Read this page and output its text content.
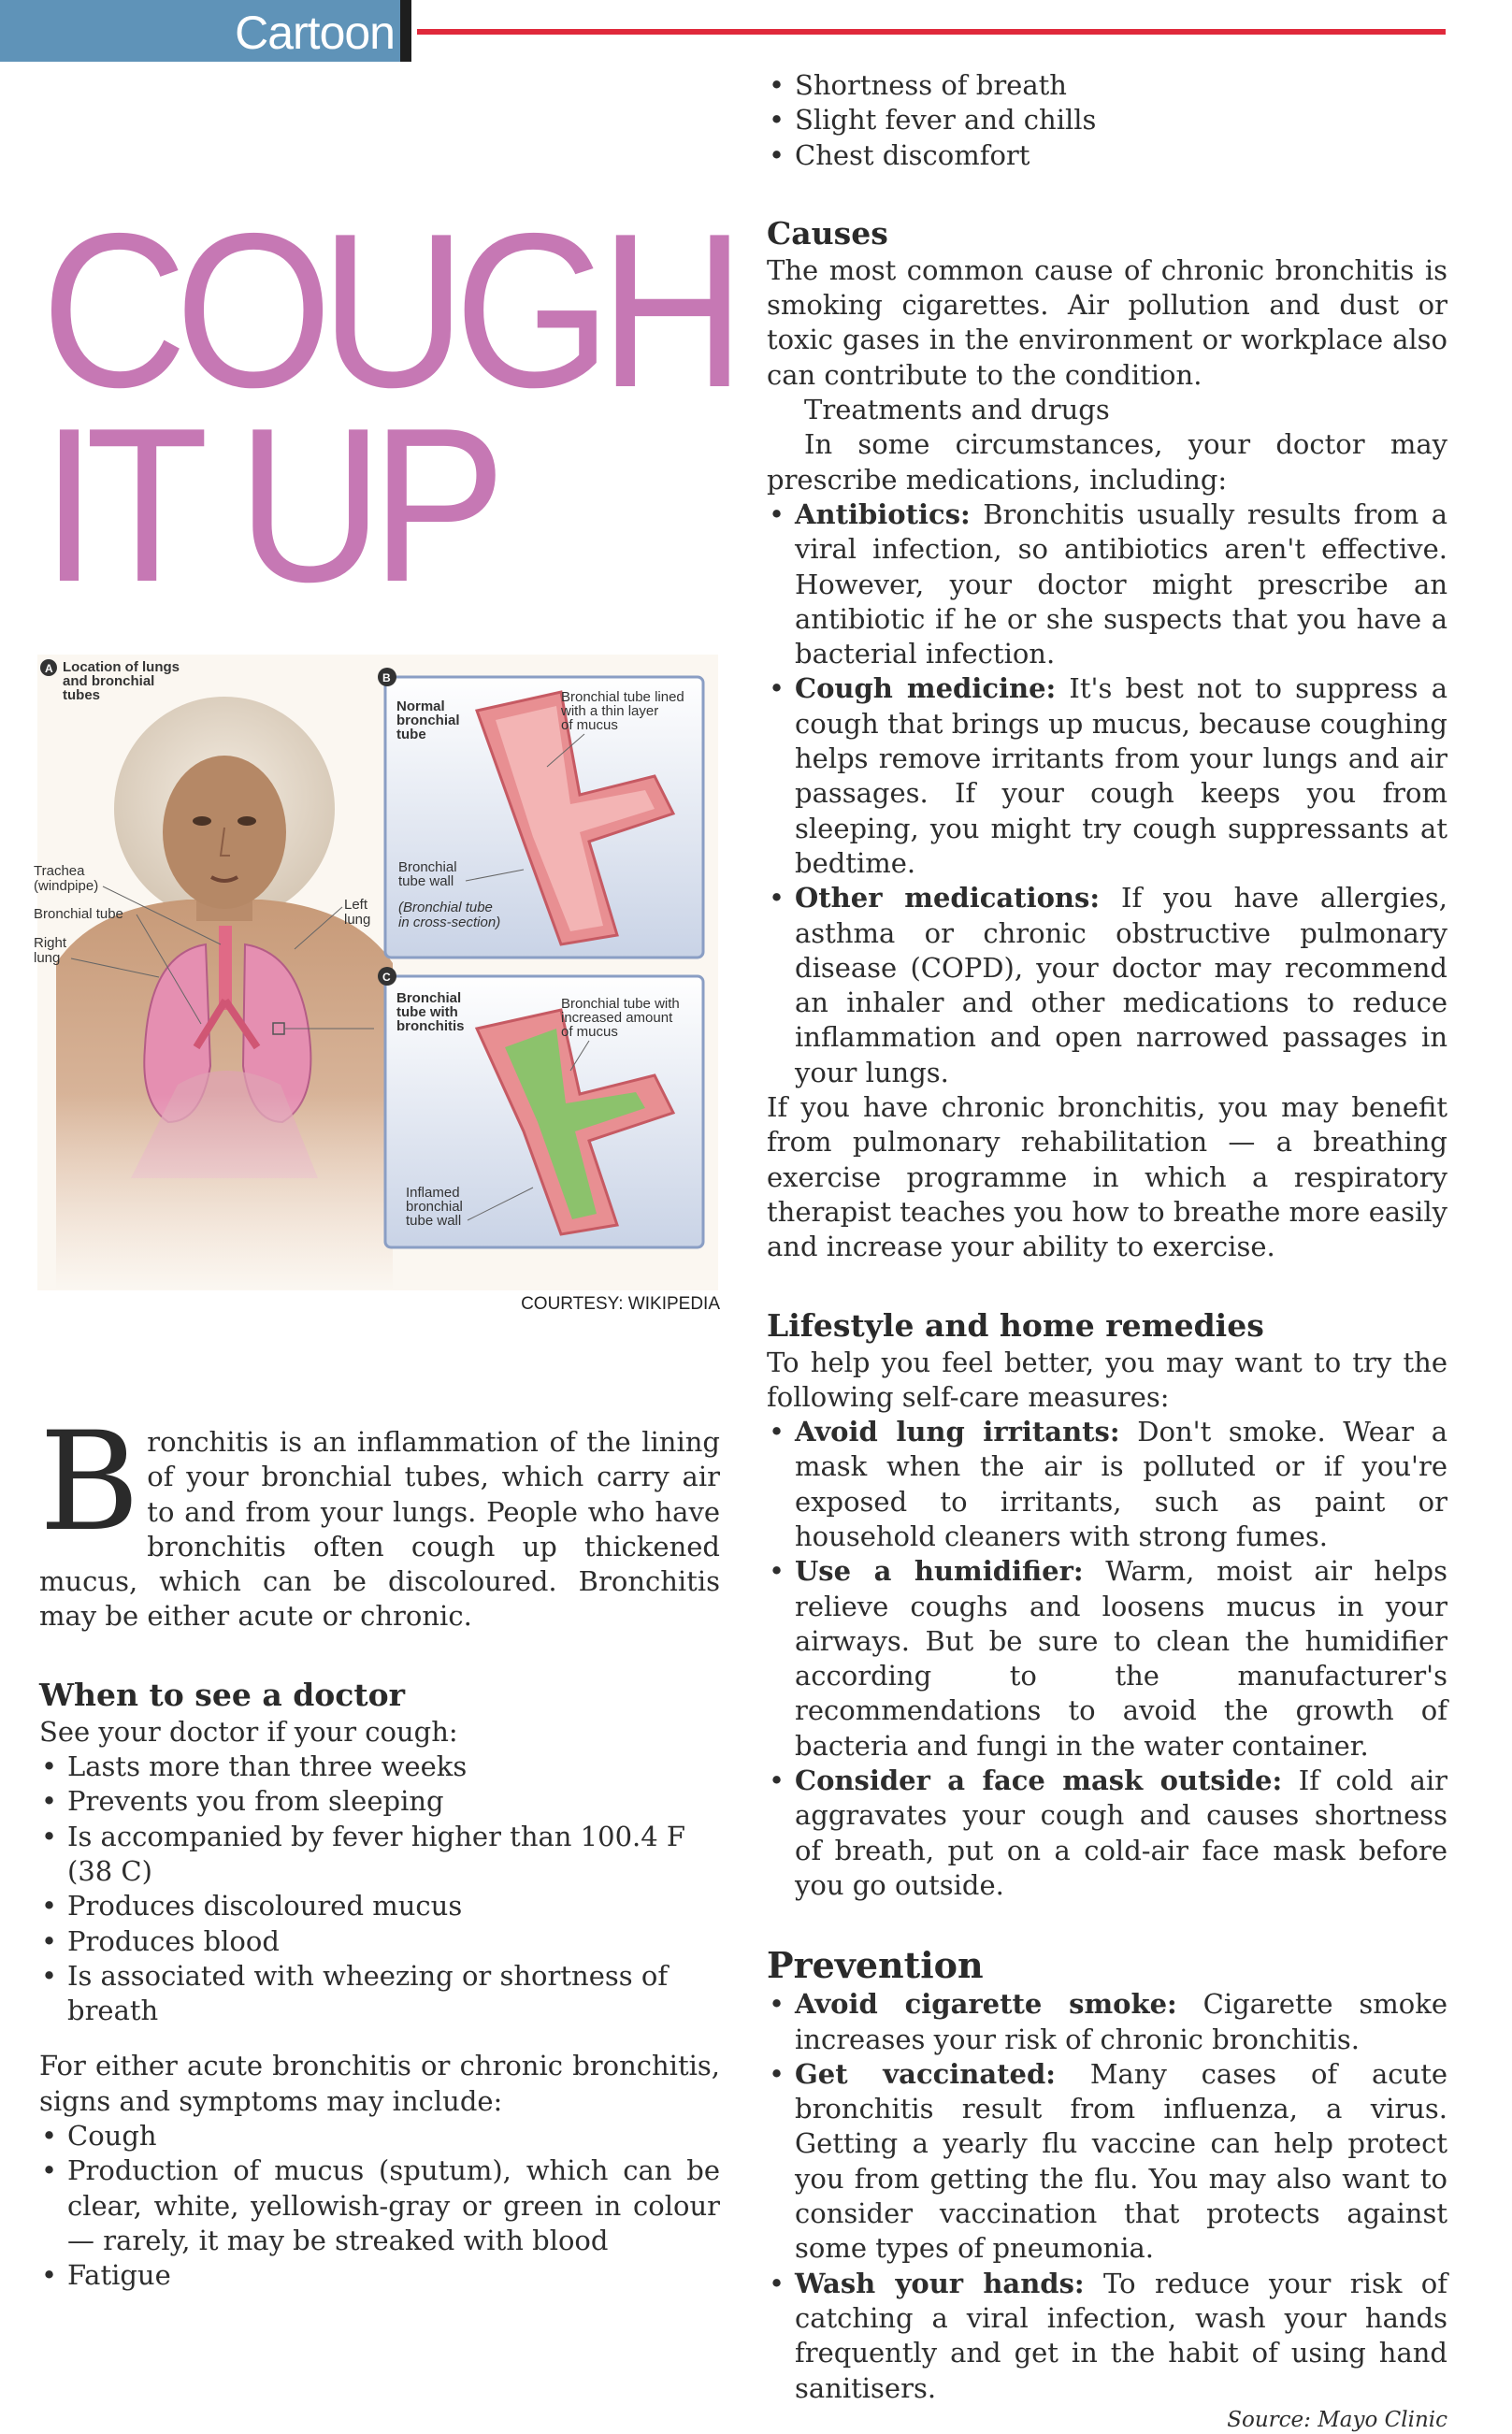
Cartoon
COUGH
IT UP
A Location of lungs
and bronchial
tubes
Trachea
(windpipe)
Bronchial tube
Right
lung
Left
lung
B
Normal
bronchial
tube
Bronchial tube lined
with a thin layer
of mucus
Bronchial
tube wall
(Bronchial tube
in cross-section)
C
Bronchial
tube with
bronchitis
Bronchial tube with
increased amount
of mucus
Inflamed
bronchial
tube wall
COURTESY: WIKIPEDIA

Bronchitis is an inflammation of the lining of your bronchial tubes, which carry air to and from your lungs. People who have bronchitis often cough up thickened mucus, which can be discoloured. Bronchitis may be either acute or chronic.

When to see a doctor
See your doctor if your cough:
• Lasts more than three weeks
• Prevents you from sleeping
• Is accompanied by fever higher than 100.4 F (38 C)
• Produces discoloured mucus
• Produces blood
• Is associated with wheezing or shortness of breath

For either acute bronchitis or chronic bronchitis, signs and symptoms may include:

• Cough
• Production of mucus (sputum), which can be clear, white, yellowish-gray or green in colour — rarely, it may be streaked with blood
• Fatigue
• Shortness of breath
• Slight fever and chills
• Chest discomfort
Causes

The most common cause of chronic bronchitis is smoking cigarettes. Air pollution and dust or toxic gases in the environment or workplace also can contribute to the condition.

Treatments and drugs

In some circumstances, your doctor may prescribe medications, including:

• Antibiotics: Bronchitis usually results from a viral infection, so antibiotics aren't effective. However, your doctor might prescribe an antibiotic if he or she suspects that you have a bacterial infection.
• Cough medicine: It's best not to suppress a cough that brings up mucus, because coughing helps remove irritants from your lungs and air passages. If your cough keeps you from sleeping, you might try cough suppressants at bedtime.
• Other medications: If you have allergies, asthma or chronic obstructive pulmonary disease (COPD), your doctor may recommend an inhaler and other medications to reduce inflammation and open narrowed passages in your lungs.

If you have chronic bronchitis, you may benefit from pulmonary rehabilitation — a breathing exercise programme in which a respiratory therapist teaches you how to breathe more easily and increase your ability to exercise.

Lifestyle and home remedies

To help you feel better, you may want to try the following self-care measures:

• Avoid lung irritants: Don't smoke. Wear a mask when the air is polluted or if you're exposed to irritants, such as paint or household cleaners with strong fumes.
• Use a humidifier: Warm, moist air helps relieve coughs and loosens mucus in your airways. But be sure to clean the humidifier according to the manufacturer's recommendations to avoid the growth of bacteria and fungi in the water container.
• Consider a face mask outside: If cold air aggravates your cough and causes shortness of breath, put on a cold-air face mask before you go outside.
Prevention
• Avoid cigarette smoke: Cigarette smoke increases your risk of chronic bronchitis.
• Get vaccinated: Many cases of acute bronchitis result from influenza, a virus. Getting a yearly flu vaccine can help protect you from getting the flu. You may also want to consider vaccination that protects against some types of pneumonia.
• Wash your hands: To reduce your risk of catching a viral infection, wash your hands frequently and get in the habit of using hand sanitisers.
Source: Mayo Clinic
